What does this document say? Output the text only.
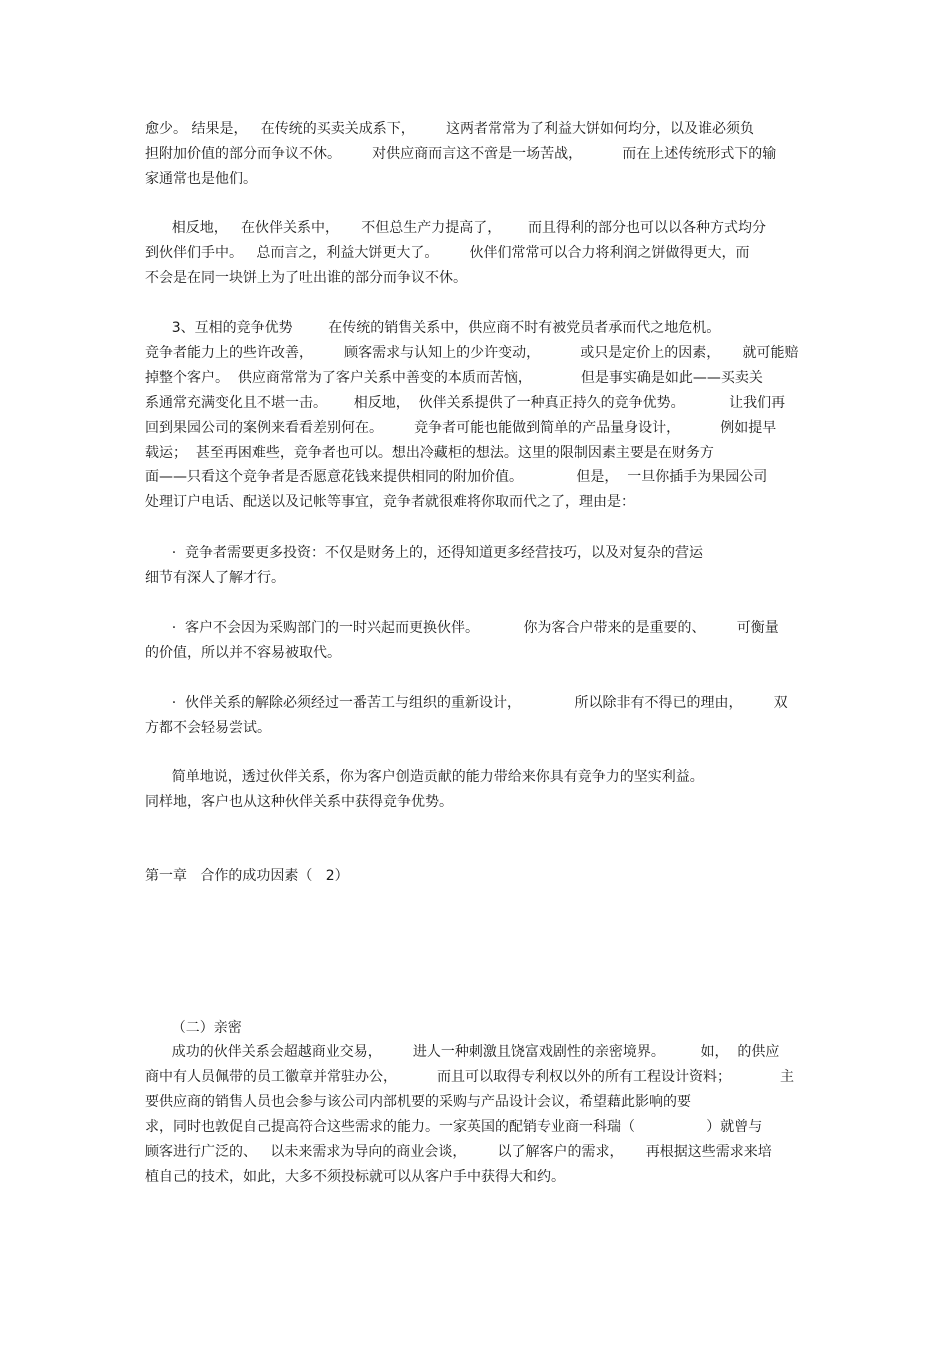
愈少。 结果是，   在传统的买卖关成系下，       这两者常常为了利益大饼如何均分，以及谁必须负
担附加价值的部分而争议不休。       对供应商而言这不啻是一场苦战，         而在上述传统形式下的输
家通常也是他们。
相反地，   在伙伴关系中，     不但总生产力提高了，      而且得利的部分也可以以各种方式均分
到伙伴们手中。   总而言之，利益大饼更大了。       伙伴们常常可以合力将利润之饼做得更大，而
不会是在同一块饼上为了吐出谁的部分而争议不休。
3、互相的竞争优势        在传统的销售关系中，供应商不时有被党员者承而代之地危机。
竞争者能力上的些许改善，       顾客需求与认知上的少许变动，         或只是定价上的因素，     就可能赔
掉整个客户。  供应商常常为了客户关系中善变的本质而苦恼，           但是事实确是如此——买卖关
系通常充满变化且不堪一击。      相反地，  伙伴关系提供了一种真正持久的竞争优势。          让我们再
回到果园公司的案例来看看差别何在。       竞争者可能也能做到简单的产品量身设计，         例如提早
载运；  甚至再困难些，竞争者也可以。想出冷藏柜的想法。这里的限制因素主要是在财务方
面——只看这个竞争者是否愿意花钱来提供相同的附加价值。            但是，  一旦你插手为果园公司
处理订户电话、配送以及记帐等事宜，竞争者就很难将你取而代之了，理由是：
·  竞争者需要更多投资：不仅是财务上的，还得知道更多经营技巧，以及对复杂的营运
细节有深人了解才行。
·  客户不会因为采购部门的一时兴起而更换伙伴。          你为客合户带来的是重要的、       可衡量
的价值，所以并不容易被取代。
·  伙伴关系的解除必须经过一番苦工与组织的重新设计，            所以除非有不得已的理由，       双
方都不会轻易尝试。
简单地说，透过伙伴关系，你为客户创造贡献的能力带给来你具有竞争力的坚实利益。
同样地，客户也从这种伙伴关系中获得竞争优势。
第一章   合作的成功因素（   2）
（二）亲密
成功的伙伴关系会超越商业交易，       进人一种刺激且饶富戏剧性的亲密境界。        如，  的供应
商中有人员佩带的员工徽章并常驻办公，         而且可以取得专利权以外的所有工程设计资料；           主
要供应商的销售人员也会参与该公司内部机要的采购与产品设计会议，希望藉此影响的要
求，同时也敦促自己提高符合这些需求的能力。一家英国的配销专业商一科瑞（                ）就曾与
顾客进行广泛的、   以未来需求为导向的商业会谈，       以了解客户的需求，     再根据这些需求来培
植自己的技术，如此，大多不须投标就可以从客户手中获得大和约。
